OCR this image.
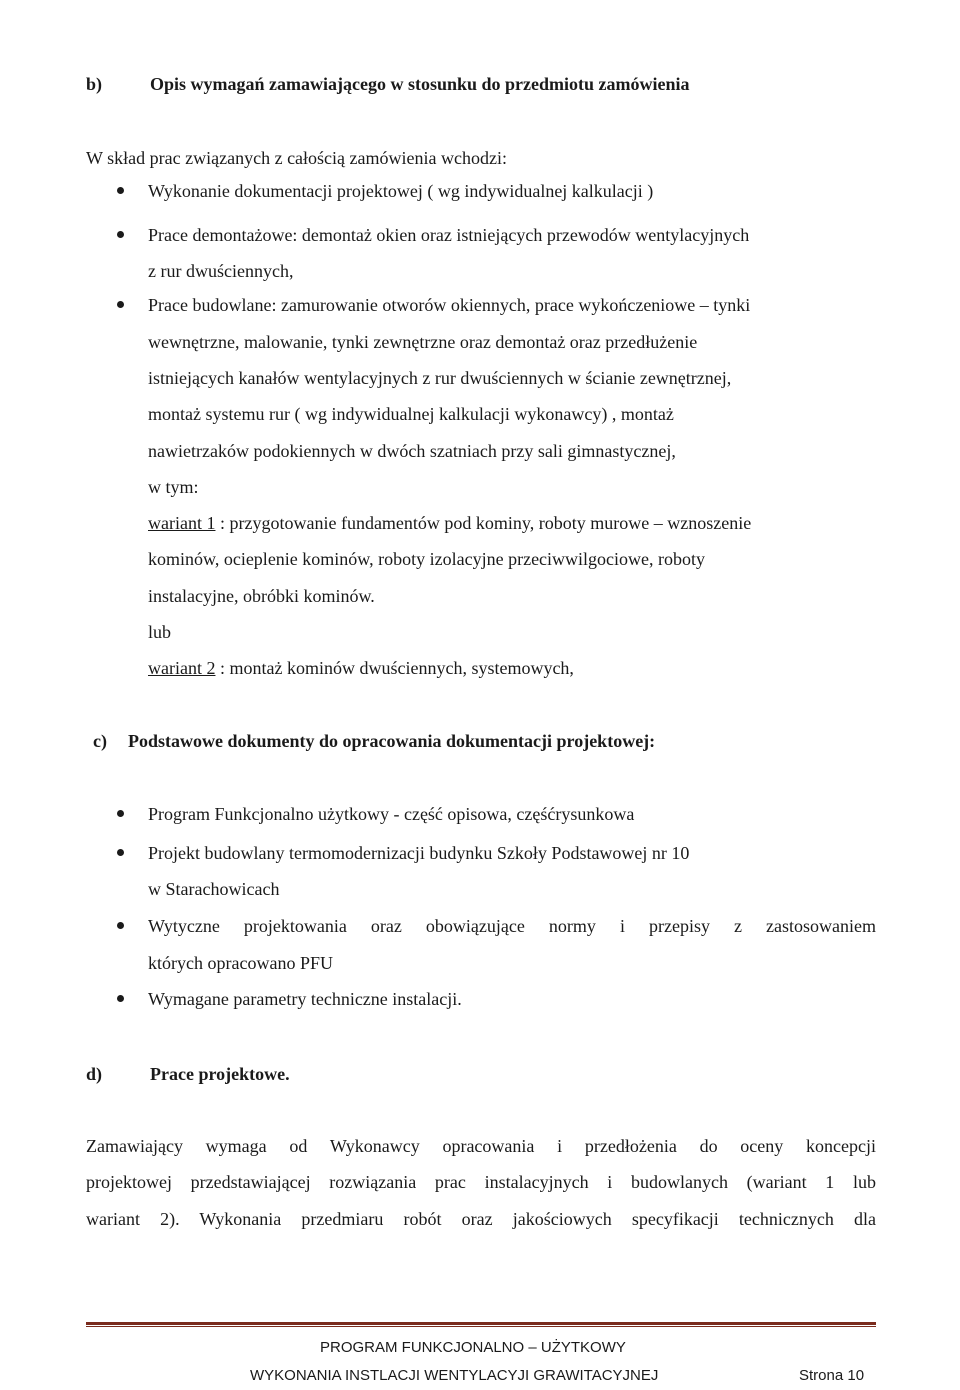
b)	Opis wymagań zamawiającego w stosunku do przedmiotu zamówienia
W skład prac związanych z całością zamówienia wchodzi:
Wykonanie dokumentacji projektowej ( wg indywidualnej kalkulacji )
Prace demontażowe: demontaż okien oraz istniejących przewodów wentylacyjnych
z rur dwuściennych,
Prace budowlane: zamurowanie otworów okiennych, prace wykończeniowe – tynki
wewnętrzne, malowanie, tynki zewnętrzne oraz demontaż oraz przedłużenie
istniejących kanałów wentylacyjnych z rur dwuściennych w ścianie zewnętrznej,
montaż systemu rur ( wg indywidualnej kalkulacji wykonawcy) , montaż
nawietrzaków podokiennych w dwóch szatniach przy sali gimnastycznej,
w tym:
wariant 1 : przygotowanie fundamentów pod kominy, roboty murowe – wznoszenie
kominów, ocieplenie kominów, roboty izolacyjne przeciwwilgociowe, roboty
instalacyjne, obróbki kominów.
lub
wariant 2 : montaż kominów dwuściennych, systemowych,
c) Podstawowe dokumenty do opracowania dokumentacji projektowej:
Program Funkcjonalno użytkowy - część opisowa, częśćrysunkowa
Projekt budowlany termomodernizacji budynku Szkoły Podstawowej nr 10
w Starachowicach
Wytyczne projektowania oraz obowiązujące normy i przepisy z zastosowaniem
których opracowano PFU
Wymagane parametry techniczne instalacji.
d)	Prace projektowe.
Zamawiający wymaga od Wykonawcy opracowania i przedłożenia do oceny koncepcji
projektowej przedstawiającej rozwiązania prac instalacyjnych i budowlanych (wariant 1 lub
wariant 2). Wykonania przedmiaru robót oraz jakościowych specyfikacji technicznych dla
PROGRAM FUNKCJONALNO – UŻYTKOWY
WYKONANIA INSTLACJI WENTYLACYJI GRAWITACYJNEJ	Strona 10
